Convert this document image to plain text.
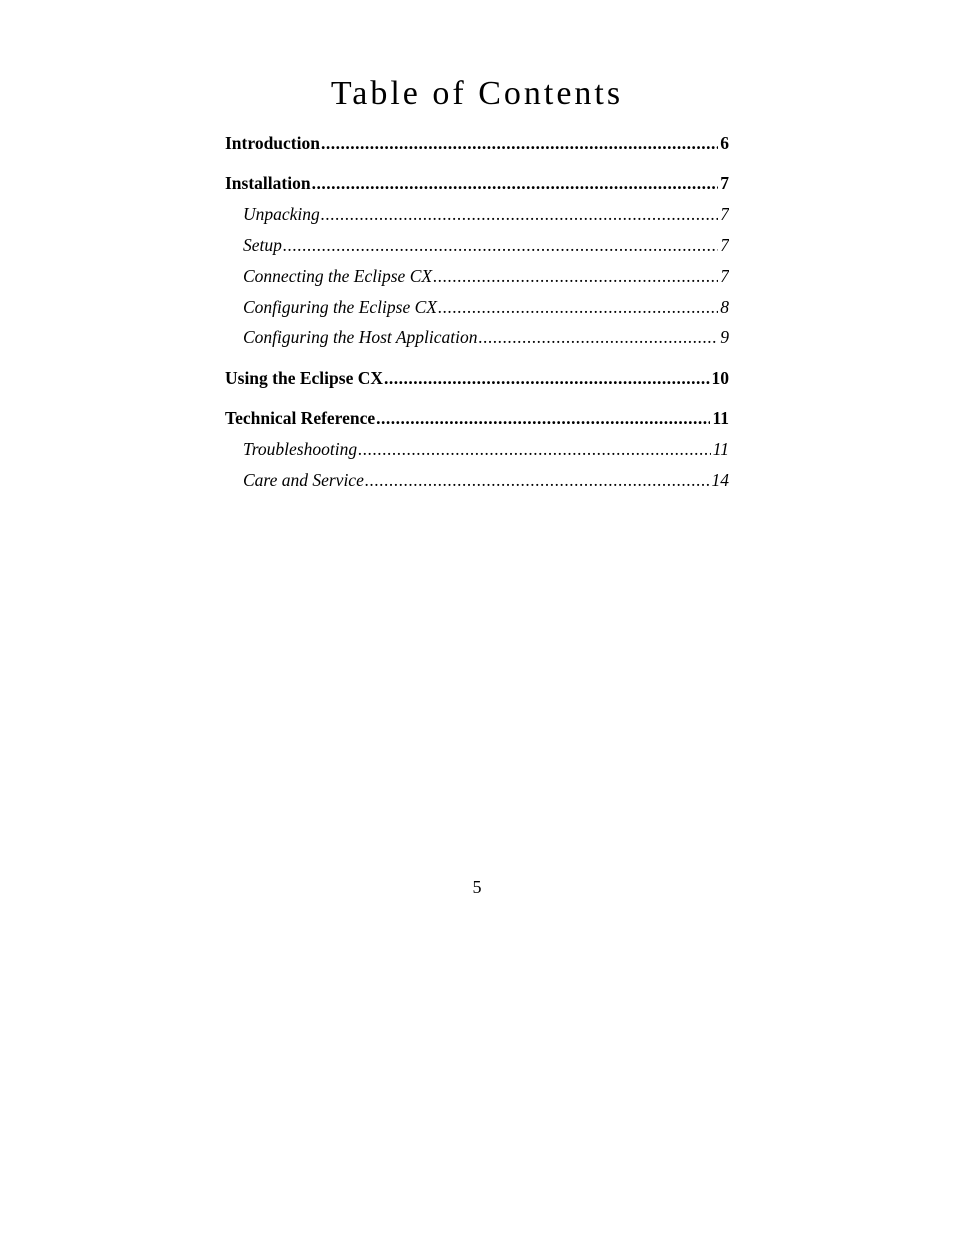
Table of Contents
Introduction .....	6
Installation .....	7
Unpacking .....	7
Setup .....	7
Connecting the Eclipse CX .....	7
Configuring the Eclipse CX .....	8
Configuring the Host Application .....	9
Using the Eclipse CX .....	10
Technical Reference .....	11
Troubleshooting .....	11
Care and Service .....	14
5
